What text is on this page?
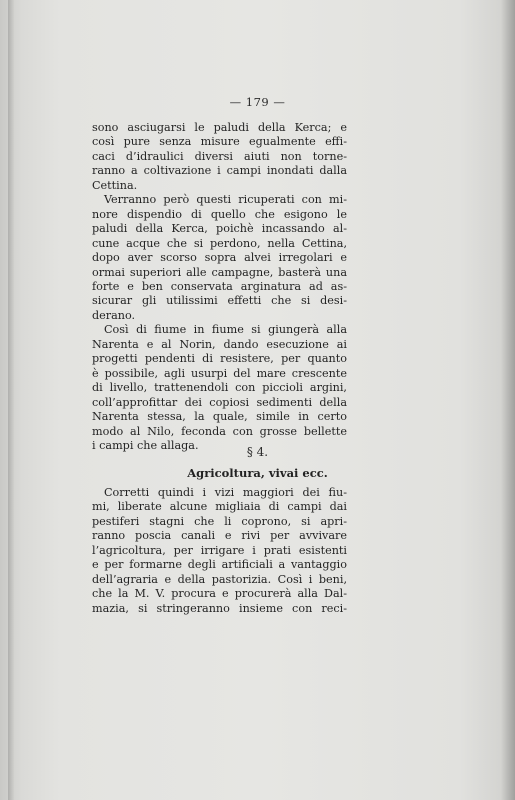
— 179 —
sono asciugarsi le paludi della Kerca; e
così pure senza misure egualmente effi-
caci d’idraulici diversi aiuti non torne-
ranno a coltivazione i campi inondati dalla
Cettina.
Verranno però questi ricuperati con mi-
nore dispendio di quello che esigono le
paludi della Kerca, poichè incassando al-
cune acque che si perdono, nella Cettina,
dopo aver scorso sopra alvei irregolari e
ormai superiori alle campagne, basterà una
forte e ben conservata arginatura ad as-
sicurar gli utilissimi effetti che si desi-
derano.
Così di fiume in fiume si giungerà alla
Narenta e al Norin, dando esecuzione ai
progetti pendenti di resistere, per quanto
è possibile, agli usurpi del mare crescente
di livello, trattenendoli con piccioli argini,
coll’approfittar dei copiosi sedimenti della
Narenta stessa, la quale, simile in certo
modo al Nilo, feconda con grosse bellette
i campi che allaga.	§ 4.
Agricoltura, vivai ecc.
Corretti quindi i vizi maggiori dei fiu-
mi, liberate alcune migliaia di campi dai
pestiferi stagni che li coprono, si apri-
ranno poscia canali e rivi per avvivare
l’agricoltura, per irrigare i prati esistenti
e per formarne degli artificiali a vantaggio
dell’agraria e della pastorizia. Così i beni,
che la M. V. procura e procurerà alla Dal-
mazia, si stringeranno insieme con reci-
